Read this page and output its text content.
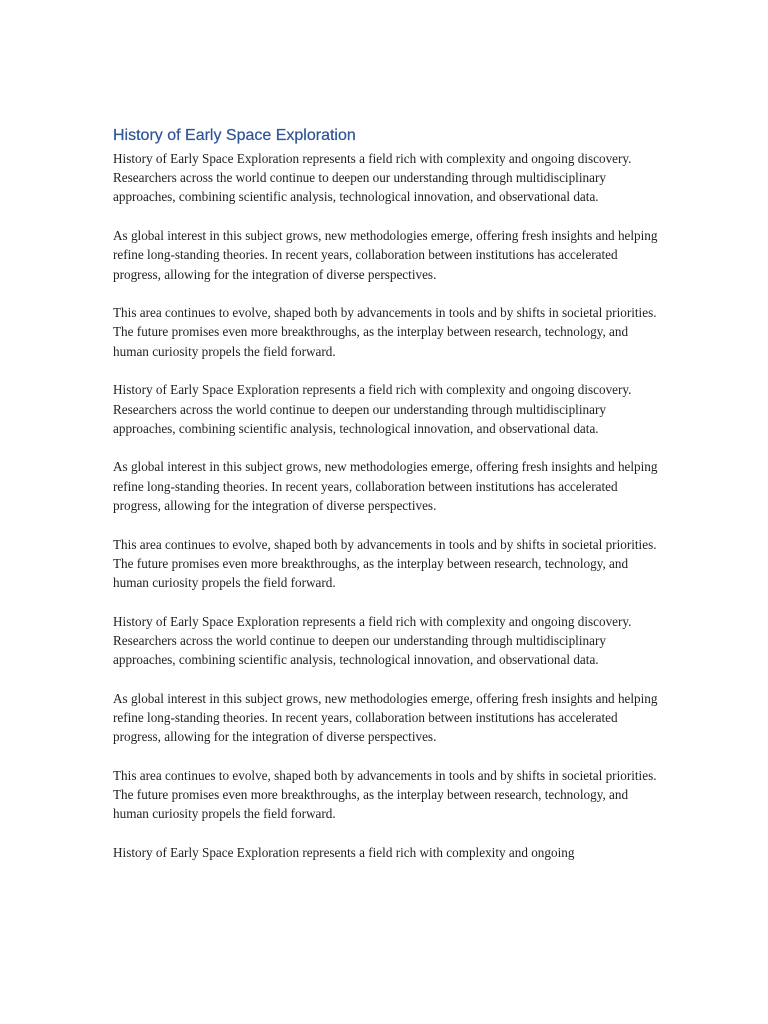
History of Early Space Exploration

History of Early Space Exploration represents a field rich with complexity and ongoing discovery. Researchers across the world continue to deepen our understanding through multidisciplinary approaches, combining scientific analysis, technological innovation, and observational data.

As global interest in this subject grows, new methodologies emerge, offering fresh insights and helping refine long-standing theories. In recent years, collaboration between institutions has accelerated progress, allowing for the integration of diverse perspectives.

This area continues to evolve, shaped both by advancements in tools and by shifts in societal priorities. The future promises even more breakthroughs, as the interplay between research, technology, and human curiosity propels the field forward.

History of Early Space Exploration represents a field rich with complexity and ongoing discovery. Researchers across the world continue to deepen our understanding through multidisciplinary approaches, combining scientific analysis, technological innovation, and observational data.

As global interest in this subject grows, new methodologies emerge, offering fresh insights and helping refine long-standing theories. In recent years, collaboration between institutions has accelerated progress, allowing for the integration of diverse perspectives.

This area continues to evolve, shaped both by advancements in tools and by shifts in societal priorities. The future promises even more breakthroughs, as the interplay between research, technology, and human curiosity propels the field forward.

History of Early Space Exploration represents a field rich with complexity and ongoing discovery. Researchers across the world continue to deepen our understanding through multidisciplinary approaches, combining scientific analysis, technological innovation, and observational data.

As global interest in this subject grows, new methodologies emerge, offering fresh insights and helping refine long-standing theories. In recent years, collaboration between institutions has accelerated progress, allowing for the integration of diverse perspectives.

This area continues to evolve, shaped both by advancements in tools and by shifts in societal priorities. The future promises even more breakthroughs, as the interplay between research, technology, and human curiosity propels the field forward.

History of Early Space Exploration represents a field rich with complexity and ongoing
